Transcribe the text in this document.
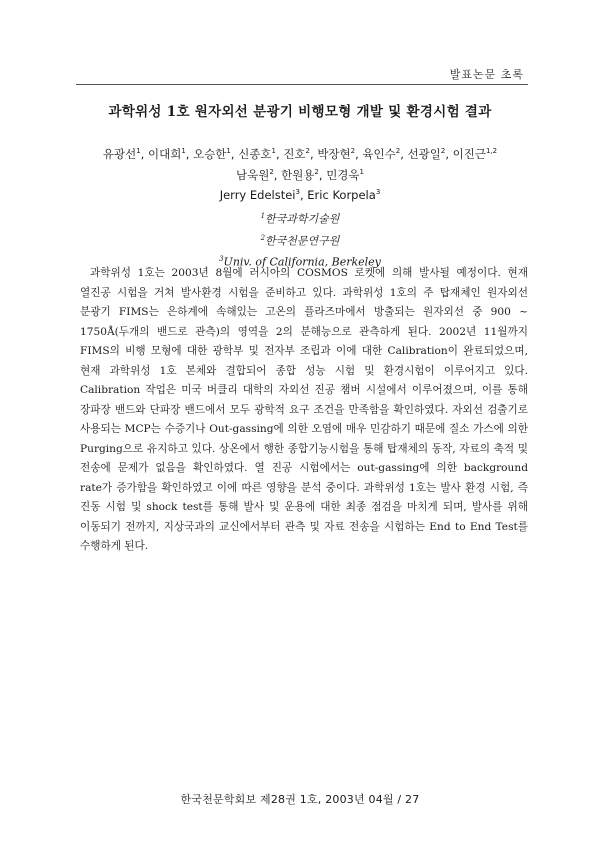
발표논문 초록
과학위성 1호 원자외선 분광기 비행모형 개발 및 환경시험 결과
유광선$^1$, 이대희$^1$, 오승한$^1$, 신종호$^1$, 진호$^2$, 박장현$^2$, 육인수$^2$, 선광일$^2$, 이진근$^{1,2}$
남욱원$^2$, 한원용$^2$, 민경욱$^1$
Jerry Edelstei$^3$, Eric Korpela$^3$
$^1$한국과학기술원
$^2$한국천문연구원
$^3$Univ. of California, Berkeley
과학위성 1호는 2003년 8월에 러시아의 COSMOS 로켓에 의해 발사될 예정이다. 현재 열진공 시험을 거쳐 발사환경 시험을 준비하고 있다. 과학위성 1호의 주 탑재체인 원자외선 분광기 FIMS는 은하계에 속해있는 고온의 플라즈마에서 방출되는 원자외선 중 900 ~ 1750Å(두개의 밴드로 관측)의 영역을 2의 분해능으로 관측하게 된다. 2002년 11월까지 FIMS의 비행 모형에 대한 광학부 및 전자부 조립과 이에 대한 Calibration이 완료되었으며, 현재 과학위성 1호 본체와 결합되어 종합 성능 시험 및 환경시험이 이루어지고 있다. Calibration 작업은 미국 버클리 대학의 자외선 진공 챔버 시설에서 이루어졌으며, 이를 통해 장파장 밴드와 단파장 밴드에서 모두 광학적 요구 조건을 만족함을 확인하였다. 자외선 검출기로 사용되는 MCP는 수증기나 Out-gassing에 의한 오염에 매우 민감하기 때문에 질소 가스에 의한 Purging으로 유지하고 있다. 상온에서 행한 종합기능시험을 통해 탑재체의 동작, 자료의 축적 및 전송에 문제가 없음을 확인하였다. 열 진공 시험에서는 out-gassing에 의한 background rate가 증가함을 확인하였고 이에 따른 영향을 분석 중이다. 과학위성 1호는 발사 환경 시험, 즉 진동 시험 및 shock test를 통해 발사 및 운용에 대한 최종 점검을 마치게 되며, 발사를 위해 이동되기 전까지, 지상국과의 교신에서부터 관측 및 자료 전송을 시험하는 End to End Test를 수행하게 된다.
한국천문학회보 제28권 1호, 2003년 04월 / 27
